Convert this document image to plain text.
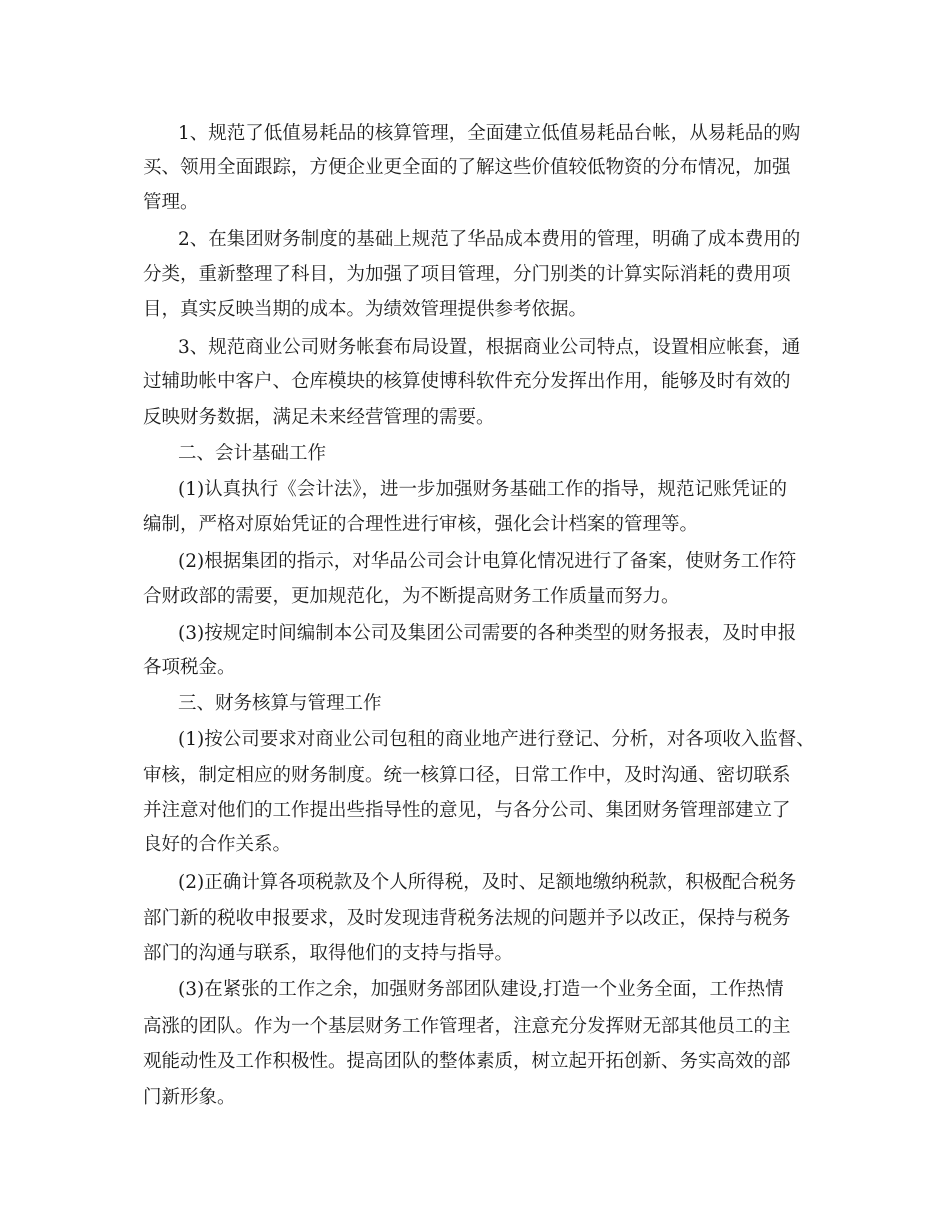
1、规范了低值易耗品的核算管理，全面建立低值易耗品台帐，从易耗品的购
买、领用全面跟踪，方便企业更全面的了解这些价值较低物资的分布情况，加强
管理。
2、在集团财务制度的基础上规范了华品成本费用的管理，明确了成本费用的
分类，重新整理了科目，为加强了项目管理，分门别类的计算实际消耗的费用项
目，真实反映当期的成本。为绩效管理提供参考依据。
3、规范商业公司财务帐套布局设置，根据商业公司特点，设置相应帐套，通
过辅助帐中客户、仓库模块的核算使博科软件充分发挥出作用，能够及时有效的
反映财务数据，满足未来经营管理的需要。
二、会计基础工作
(1)认真执行《会计法》，进一步加强财务基础工作的指导，规范记账凭证的
编制，严格对原始凭证的合理性进行审核，强化会计档案的管理等。
(2)根据集团的指示，对华品公司会计电算化情况进行了备案，使财务工作符
合财政部的需要，更加规范化，为不断提高财务工作质量而努力。
(3)按规定时间编制本公司及集团公司需要的各种类型的财务报表，及时申报
各项税金。
三、财务核算与管理工作
(1)按公司要求对商业公司包租的商业地产进行登记、分析，对各项收入监督、
审核，制定相应的财务制度。统一核算口径，日常工作中，及时沟通、密切联系
并注意对他们的工作提出些指导性的意见，与各分公司、集团财务管理部建立了
良好的合作关系。
(2)正确计算各项税款及个人所得税，及时、足额地缴纳税款，积极配合税务
部门新的税收申报要求，及时发现违背税务法规的问题并予以改正，保持与税务
部门的沟通与联系，取得他们的支持与指导。
(3)在紧张的工作之余，加强财务部团队建设,打造一个业务全面，工作热情
高涨的团队。作为一个基层财务工作管理者，注意充分发挥财无部其他员工的主
观能动性及工作积极性。提高团队的整体素质，树立起开拓创新、务实高效的部
门新形象。
